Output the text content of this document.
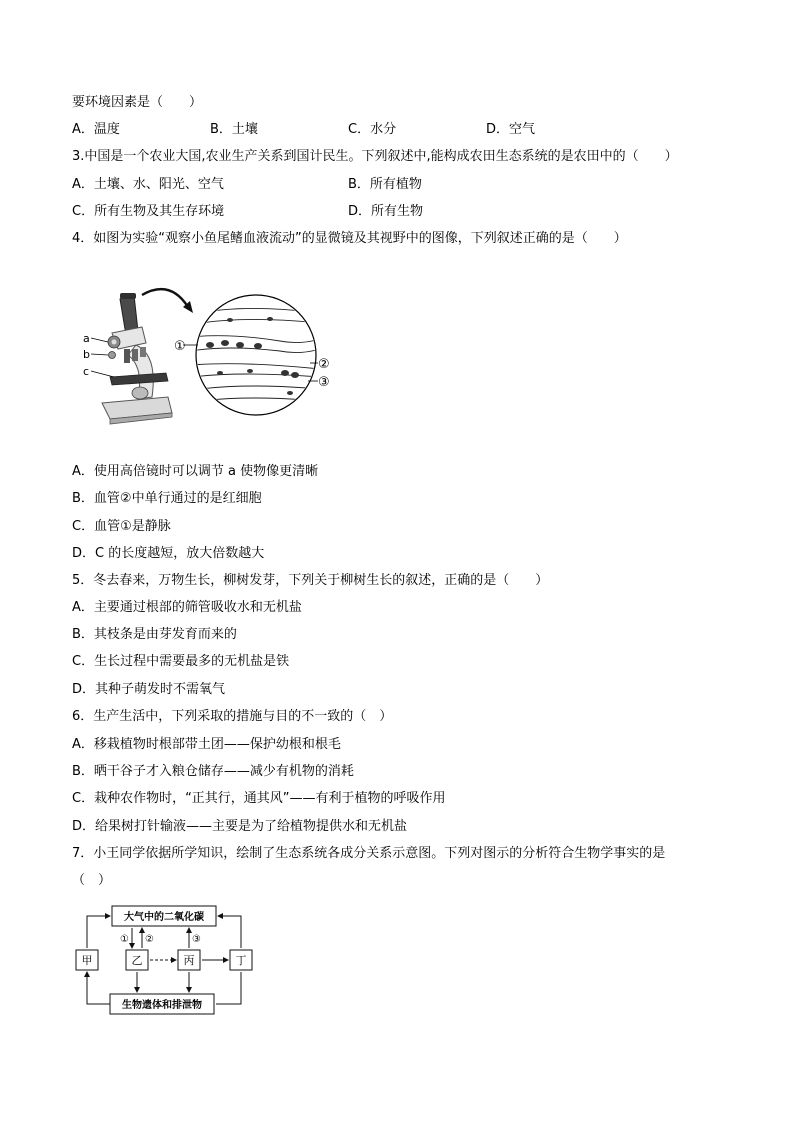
要环境因素是（　　）
A．温度	B．土壤	C．水分	D．空气
3.中国是一个农业大国,农业生产关系到国计民生。下列叙述中,能构成农田生态系统的是农田中的（　　）
A．土壤、水、阳光、空气	B．所有植物
C．所有生物及其生存环境	D．所有生物
4．如图为实验“观察小鱼尾鳍血液流动”的显微镜及其视野中的图像，下列叙述正确的是（　　）
a
b
c
①
②
③
A．使用高倍镜时可以调节 a 使物像更清晰
B．血管②中单行通过的是红细胞
C．血管①是静脉
D．C 的长度越短，放大倍数越大
5．冬去春来，万物生长，柳树发芽，下列关于柳树生长的叙述，正确的是（　　）
A．主要通过根部的筛管吸收水和无机盐
B．其枝条是由芽发育而来的
C．生长过程中需要最多的无机盐是铁
D．其种子萌发时不需氧气
6．生产生活中，下列采取的措施与目的不一致的（　）
A．移栽植物时根部带土团——保护幼根和根毛
B．晒干谷子才入粮仓储存——减少有机物的消耗
C．栽种农作物时，“正其行，通其风”——有利于植物的呼吸作用
D．给果树打针输液——主要是为了给植物提供水和无机盐
7．小王同学依据所学知识，绘制了生态系统各成分关系示意图。下列对图示的分析符合生物学事实的是
（　）
大气中的二氧化碳
生物遗体和排泄物
甲	乙	丙	丁
① ②	③
